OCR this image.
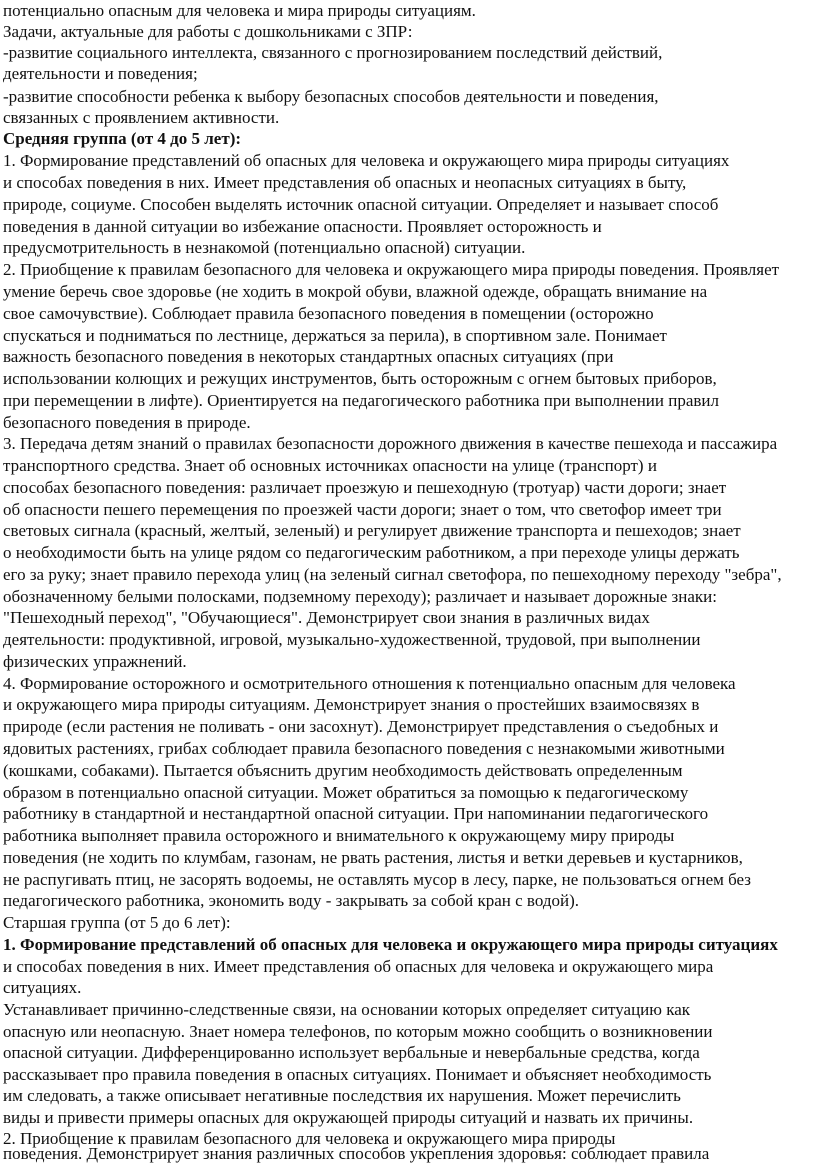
потенциально опасным для человека и мира природы ситуациям.
Задачи, актуальные для работы с дошкольниками с ЗПР:
-развитие социального интеллекта, связанного с прогнозированием последствий действий,
деятельности и поведения;
-развитие способности ребенка к выбору безопасных способов деятельности и поведения,
связанных с проявлением активности.
Средняя группа (от 4 до 5 лет):
1. Формирование представлений об опасных для человека и окружающего мира природы ситуациях
и способах поведения в них. Имеет представления об опасных и неопасных ситуациях в быту,
природе, социуме. Способен выделять источник опасной ситуации. Определяет и называет способ
поведения в данной ситуации во избежание опасности. Проявляет осторожность и
предусмотрительность в незнакомой (потенциально опасной) ситуации.
2. Приобщение к правилам безопасного для человека и окружающего мира природы поведения. Проявляет
умение беречь свое здоровье (не ходить в мокрой обуви, влажной одежде, обращать внимание на
свое самочувствие). Соблюдает правила безопасного поведения в помещении (осторожно
спускаться и подниматься по лестнице, держаться за перила), в спортивном зале. Понимает
важность безопасного поведения в некоторых стандартных опасных ситуациях (при
использовании колющих и режущих инструментов, быть осторожным с огнем бытовых приборов,
при перемещении в лифте). Ориентируется на педагогического работника при выполнении правил
безопасного поведения в природе.
3. Передача детям знаний о правилах безопасности дорожного движения в качестве пешехода и пассажира
транспортного средства. Знает об основных источниках опасности на улице (транспорт) и
способах безопасного поведения: различает проезжую и пешеходную (тротуар) части дороги; знает
об опасности пешего перемещения по проезжей части дороги; знает о том, что светофор имеет три
световых сигнала (красный, желтый, зеленый) и регулирует движение транспорта и пешеходов; знает
о необходимости быть на улице рядом со педагогическим работником, а при переходе улицы держать
его за руку; знает правило перехода улиц (на зеленый сигнал светофора, по пешеходному переходу "зебра",
обозначенному белыми полосками, подземному переходу); различает и называет дорожные знаки:
"Пешеходный переход", "Обучающиеся". Демонстрирует свои знания в различных видах
деятельности: продуктивной, игровой, музыкально-художественной, трудовой, при выполнении
физических упражнений.
4. Формирование осторожного и осмотрительного отношения к потенциально опасным для человека
и окружающего мира природы ситуациям. Демонстрирует знания о простейших взаимосвязях в
природе (если растения не поливать - они засохнут). Демонстрирует представления о съедобных и
ядовитых растениях, грибах соблюдает правила безопасного поведения с незнакомыми животными
(кошками, собаками). Пытается объяснить другим необходимость действовать определенным
образом в потенциально опасной ситуации. Может обратиться за помощью к педагогическому
работнику в стандартной и нестандартной опасной ситуации. При напоминании педагогического
работника выполняет правила осторожного и внимательного к окружающему миру природы
поведения (не ходить по клумбам, газонам, не рвать растения, листья и ветки деревьев и кустарников,
не распугивать птиц, не засорять водоемы, не оставлять мусор в лесу, парке, не пользоваться огнем без
педагогического работника, экономить воду - закрывать за собой кран с водой).
Старшая группа (от 5 до 6 лет):
1. Формирование представлений об опасных для человека и окружающего мира природы ситуациях
и способах поведения в них. Имеет представления об опасных для человека и окружающего мира
ситуациях.
Устанавливает причинно-следственные связи, на основании которых определяет ситуацию как
опасную или неопасную. Знает номера телефонов, по которым можно сообщить о возникновении
опасной ситуации. Дифференцированно использует вербальные и невербальные средства, когда
рассказывает про правила поведения в опасных ситуациях. Понимает и объясняет необходимость
им следовать, а также описывает негативные последствия их нарушения. Может перечислить
виды и привести примеры опасных для окружающей природы ситуаций и назвать их причины.
2. Приобщение к правилам безопасного для человека и окружающего мира природы
поведения. Демонстрирует знания различных способов укрепления здоровья: соблюдает правила
